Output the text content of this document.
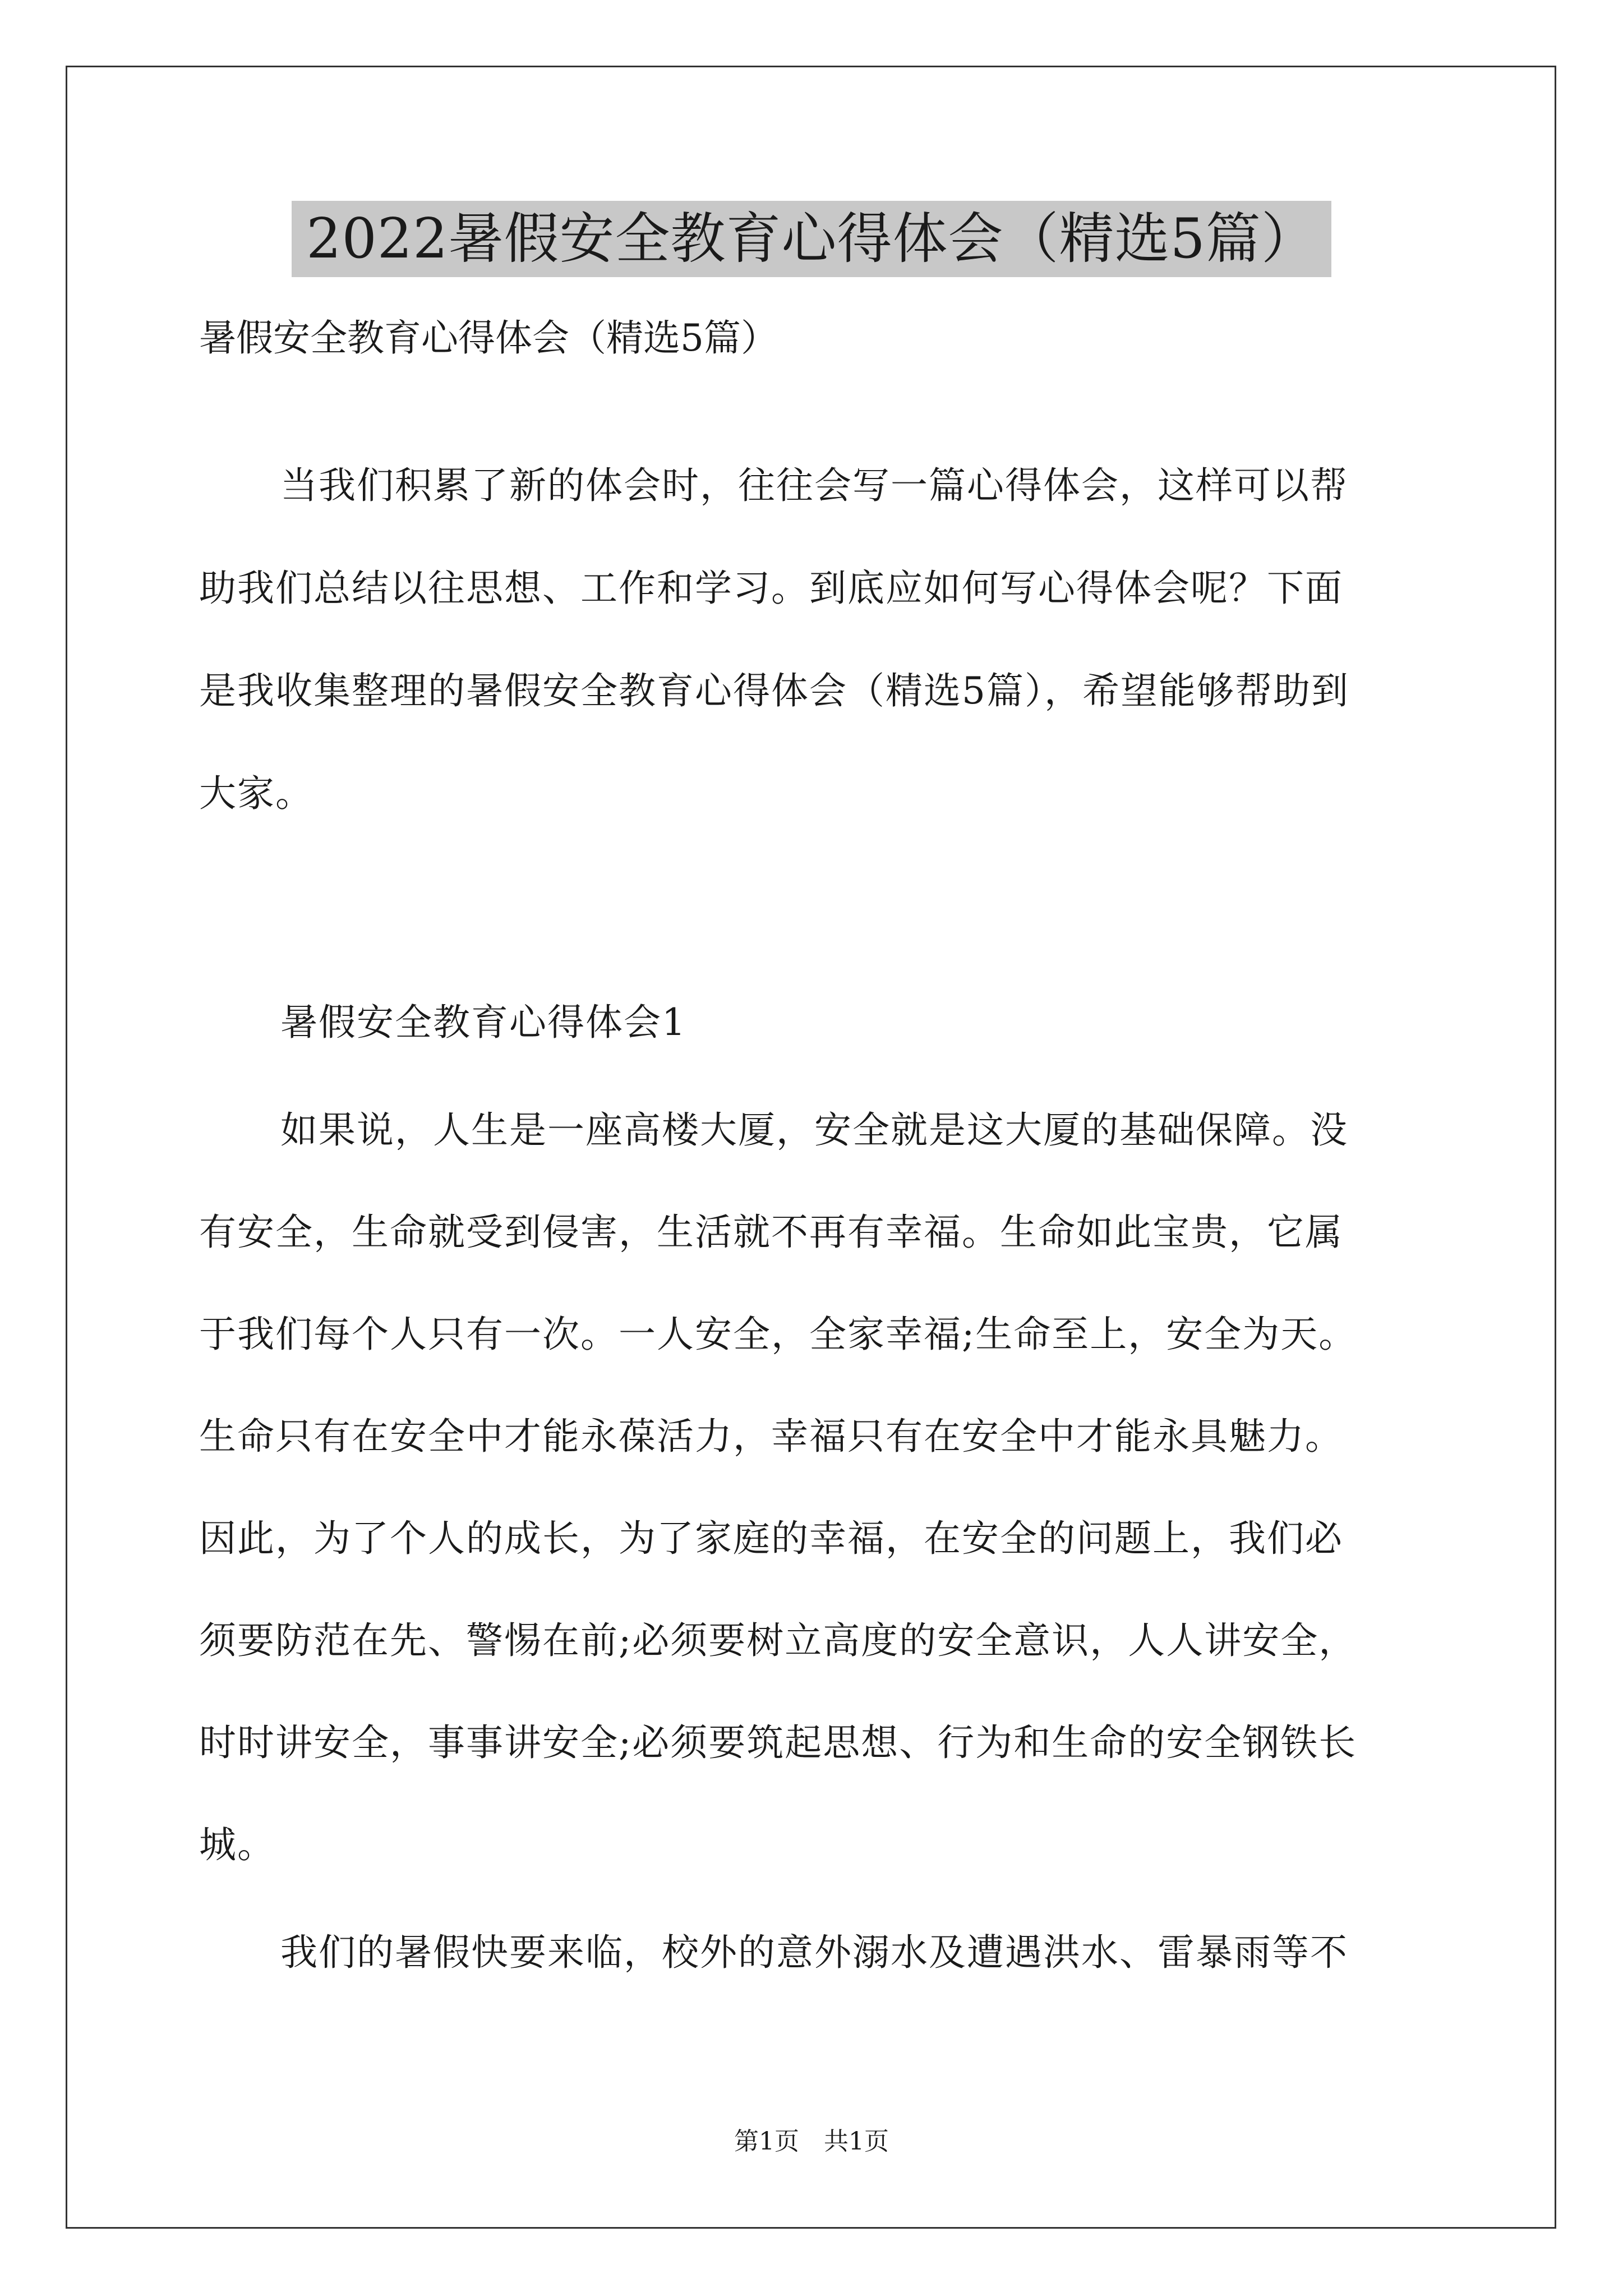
2022暑假安全教育心得体会（精选5篇）
暑假安全教育心得体会（精选5篇）
当我们积累了新的体会时，往往会写一篇心得体会，这样可以帮
助我们总结以往思想、工作和学习。到底应如何写心得体会呢？下面
是我收集整理的暑假安全教育心得体会（精选5篇），希望能够帮助到
大家。
暑假安全教育心得体会1
如果说，人生是一座高楼大厦，安全就是这大厦的基础保障。没
有安全，生命就受到侵害，生活就不再有幸福。生命如此宝贵，它属
于我们每个人只有一次。一人安全，全家幸福;生命至上，安全为天。
生命只有在安全中才能永葆活力，幸福只有在安全中才能永具魅力。
因此，为了个人的成长，为了家庭的幸福，在安全的问题上，我们必
须要防范在先、警惕在前;必须要树立高度的安全意识，人人讲安全，
时时讲安全，事事讲安全;必须要筑起思想、行为和生命的安全钢铁长
城。
我们的暑假快要来临，校外的意外溺水及遭遇洪水、雷暴雨等不
第1页　共1页
